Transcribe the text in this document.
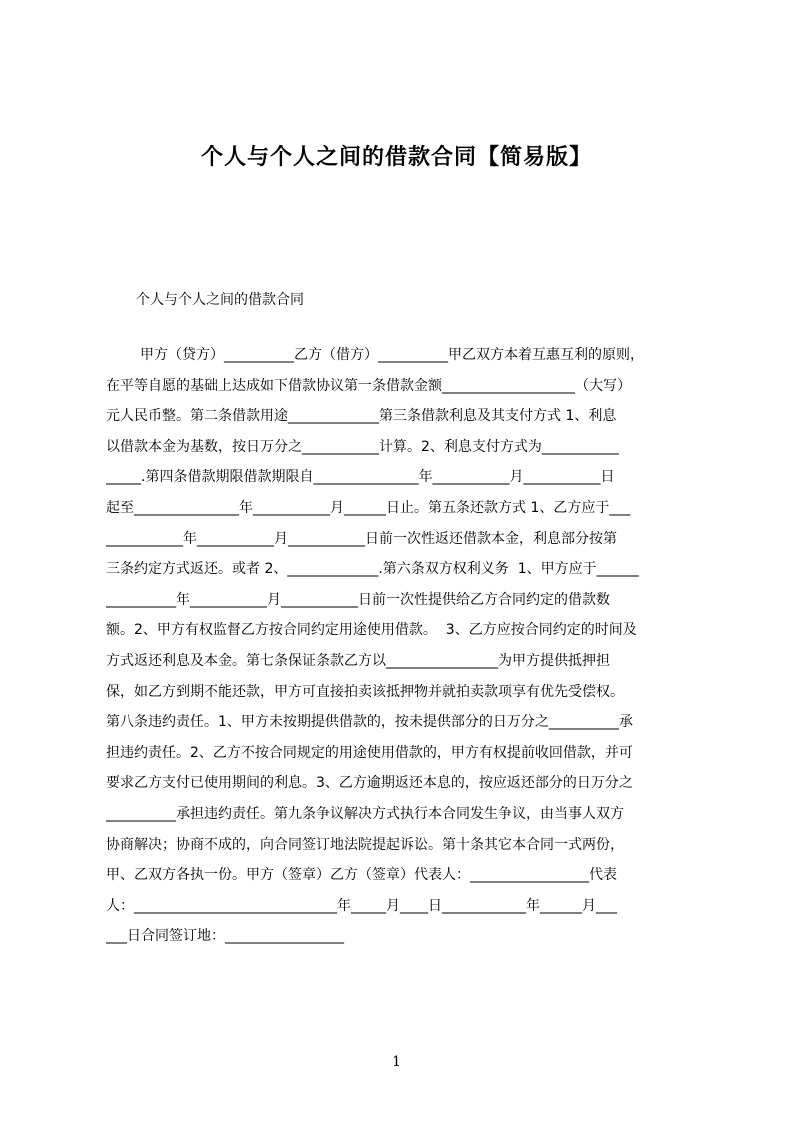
个人与个人之间的借款合同【简易版】
个人与个人之间的借款合同
甲方（贷方）__________乙方（借方）__________甲乙双方本着互惠互利的原则，
在平等自愿的基础上达成如下借款协议第一条借款金额___________________（大写）
元人民币整。第二条借款用途_____________第三条借款利息及其支付方式 1、利息
以借款本金为基数，按日万分之___________计算。2、利息支付方式为___________
_____.第四条借款期限借款期限自_______________年___________月___________日
起至_______________年___________月______日止。第五条还款方式 1、乙方应于___
___________年___________月___________日前一次性返还借款本金，利息部分按第
三条约定方式返还。或者 2、_____________.第六条双方权利义务  1、甲方应于______
__________年___________月___________日前一次性提供给乙方合同约定的借款数
额。2、甲方有权监督乙方按合同约定用途使用借款。  3、乙方应按合同约定的时间及
方式返还利息及本金。第七条保证条款乙方以________________为甲方提供抵押担
保，如乙方到期不能还款，甲方可直接拍卖该抵押物并就拍卖款项享有优先受偿权。
第八条违约责任。1、甲方未按期提供借款的，按未提供部分的日万分之__________承
担违约责任。2、乙方不按合同规定的用途使用借款的，甲方有权提前收回借款，并可
要求乙方支付已使用期间的利息。3、乙方逾期返还本息的，按应返还部分的日万分之
__________承担违约责任。第九条争议解决方式执行本合同发生争议，由当事人双方
协商解决；协商不成的，向合同签订地法院提起诉讼。第十条其它本合同一式两份，
甲、乙双方各执一份。甲方（签章）乙方（签章）代表人：_________________代表
人：_____________________________年_____月____日____________年______月___
___日合同签订地：_________________
1
